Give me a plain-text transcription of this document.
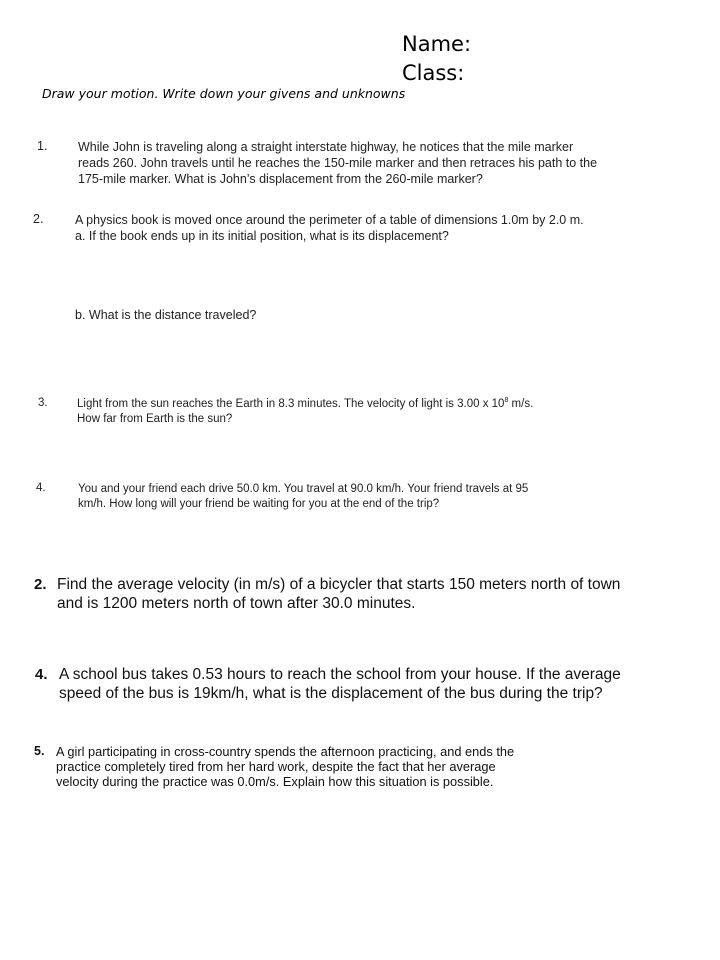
Name:
Class:
Draw your motion. Write down your givens and unknowns
1. While John is traveling along a straight interstate highway, he notices that the mile marker
reads 260. John travels until he reaches the 150-mile marker and then retraces his path to the
175-mile marker. What is John’s displacement from the 260-mile marker?
2.	A physics book is moved once around the perimeter of a table of dimensions 1.0m by 2.0 m.
a. If the book ends up in its initial position, what is its displacement?
b. What is the distance traveled?
3.	Light from the sun reaches the Earth in 8.3 minutes. The velocity of light is 3.00 x $10^8$ m/s.
How far from Earth is the sun?
4.	You and your friend each drive 50.0 km. You travel at 90.0 km/h. Your friend travels at 95
km/h. How long will your friend be waiting for you at the end of the trip?
2. Find the average velocity (in m/s) of a bicycler that starts 150 meters north of town
and is 1200 meters north of town after 30.0 minutes.
4. A school bus takes 0.53 hours to reach the school from your house. If the average
speed of the bus is 19km/h, what is the displacement of the bus during the trip?
5. A girl participating in cross-country spends the afternoon practicing, and ends the
practice completely tired from her hard work, despite the fact that her average
velocity during the practice was 0.0m/s. Explain how this situation is possible.
